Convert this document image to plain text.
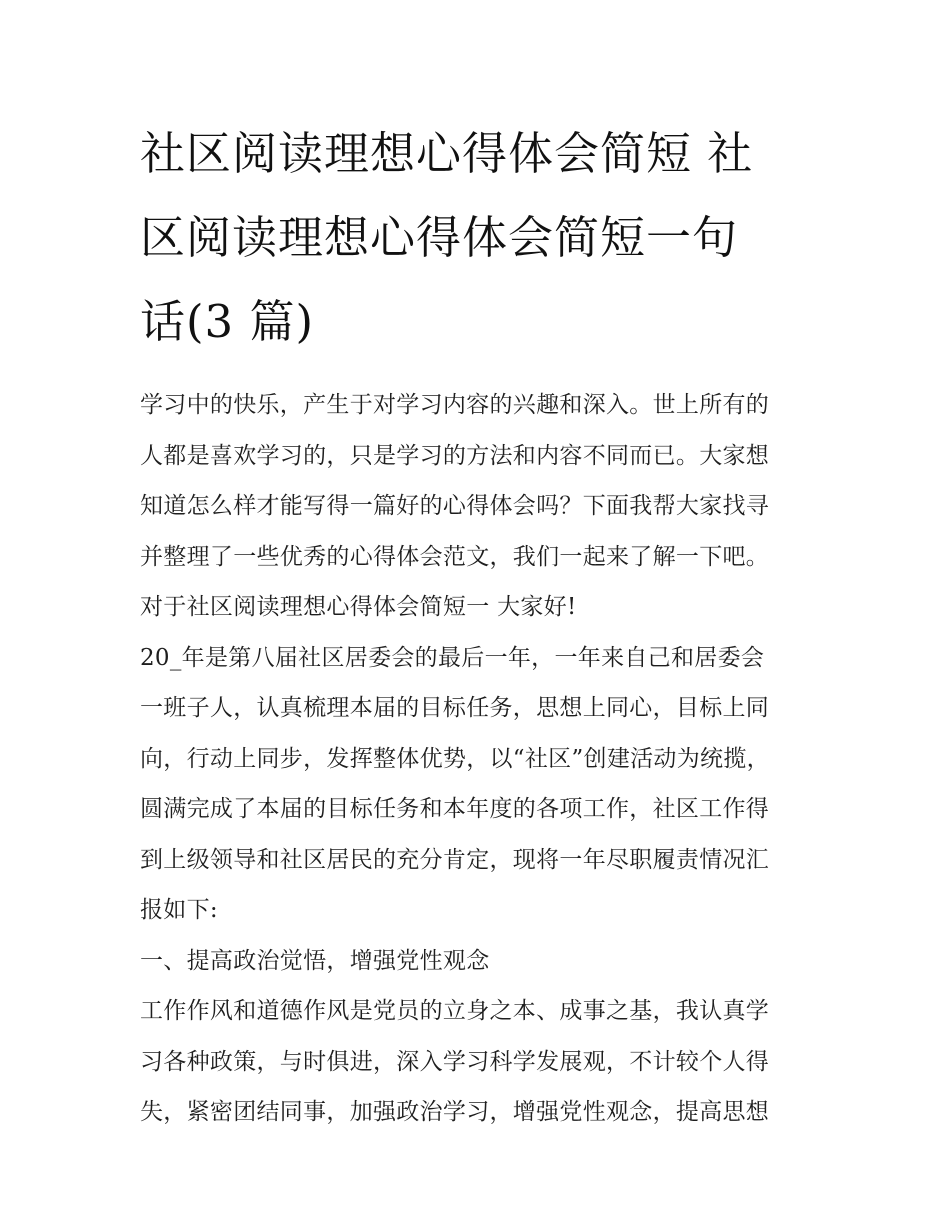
社区阅读理想心得体会简短 社
区阅读理想心得体会简短一句
话(3 篇)

学习中的快乐，产生于对学习内容的兴趣和深入。世上所有的
人都是喜欢学习的，只是学习的方法和内容不同而已。大家想
知道怎么样才能写得一篇好的心得体会吗？下面我帮大家找寻
并整理了一些优秀的心得体会范文，我们一起来了解一下吧。

对于社区阅读理想心得体会简短一 大家好!

20_年是第八届社区居委会的最后一年，一年来自己和居委会
一班子人，认真梳理本届的目标任务，思想上同心，目标上同
向，行动上同步，发挥整体优势，以“社区”创建活动为统揽，
圆满完成了本届的目标任务和本年度的各项工作，社区工作得
到上级领导和社区居民的充分肯定，现将一年尽职履责情况汇
报如下:

一、提高政治觉悟，增强党性观念

工作作风和道德作风是党员的立身之本、成事之基，我认真学
习各种政策，与时俱进，深入学习科学发展观，不计较个人得
失，紧密团结同事，加强政治学习，增强党性观念，提高思想
